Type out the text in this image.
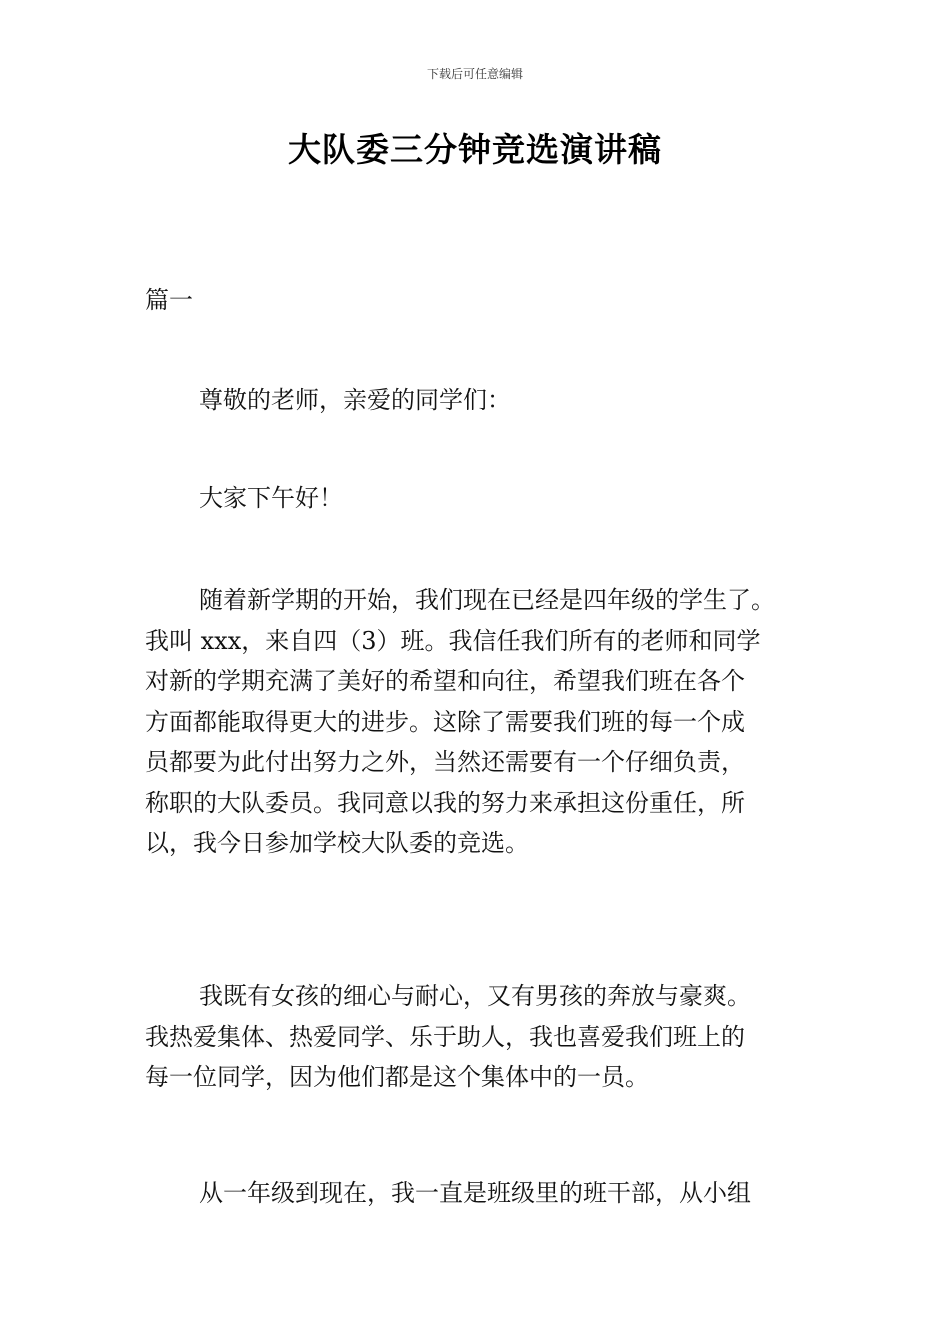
下载后可任意编辑
大队委三分钟竞选演讲稿
篇一

尊敬的老师，亲爱的同学们：

大家下午好！

随着新学期的开始，我们现在已经是四年级的学生了。
我叫 xxx，来自四（3）班。我信任我们所有的老师和同学
对新的学期充满了美好的希望和向往，希望我们班在各个
方面都能取得更大的进步。这除了需要我们班的每一个成
员都要为此付出努力之外，当然还需要有一个仔细负责，
称职的大队委员。我同意以我的努力来承担这份重任，所
以，我今日参加学校大队委的竞选。

我既有女孩的细心与耐心，又有男孩的奔放与豪爽。
我热爱集体、热爱同学、乐于助人，我也喜爱我们班上的
每一位同学，因为他们都是这个集体中的一员。

从一年级到现在，我一直是班级里的班干部，从小组
